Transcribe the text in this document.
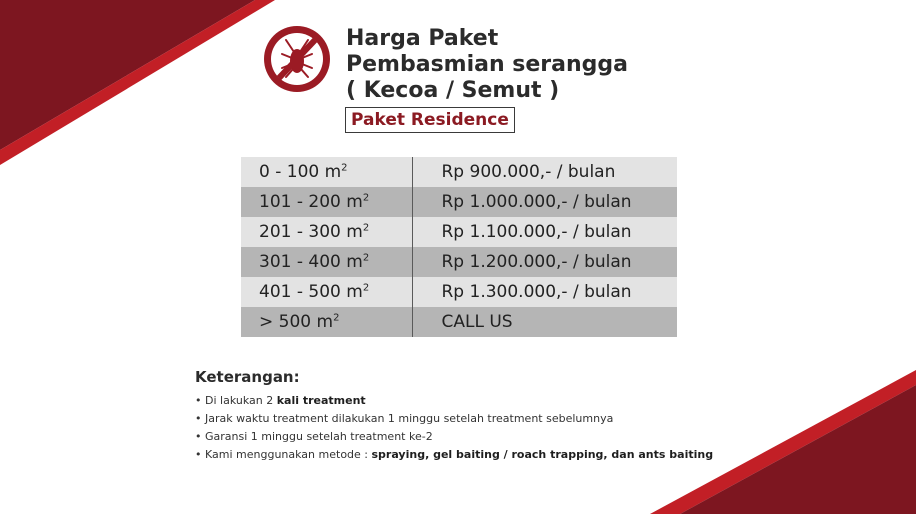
Harga Paket
Pembasmian serangga
( Kecoa / Semut )
Paket Residence
0 - 100 $m^2$	Rp 900.000,- / bulan
101 - 200 $m^2$	Rp 1.000.000,- / bulan
201 - 300 $m^2$	Rp 1.100.000,- / bulan
301 - 400 $m^2$	Rp 1.200.000,- / bulan
401 - 500 $m^2$	Rp 1.300.000,- / bulan
> 500 $m^2$	CALL US
Keterangan:
• Di lakukan 2 kali treatment
• Jarak waktu treatment dilakukan 1 minggu setelah treatment sebelumnya
• Garansi 1 minggu setelah treatment ke-2
• Kami menggunakan metode : spraying, gel baiting / roach trapping, dan ants baiting
